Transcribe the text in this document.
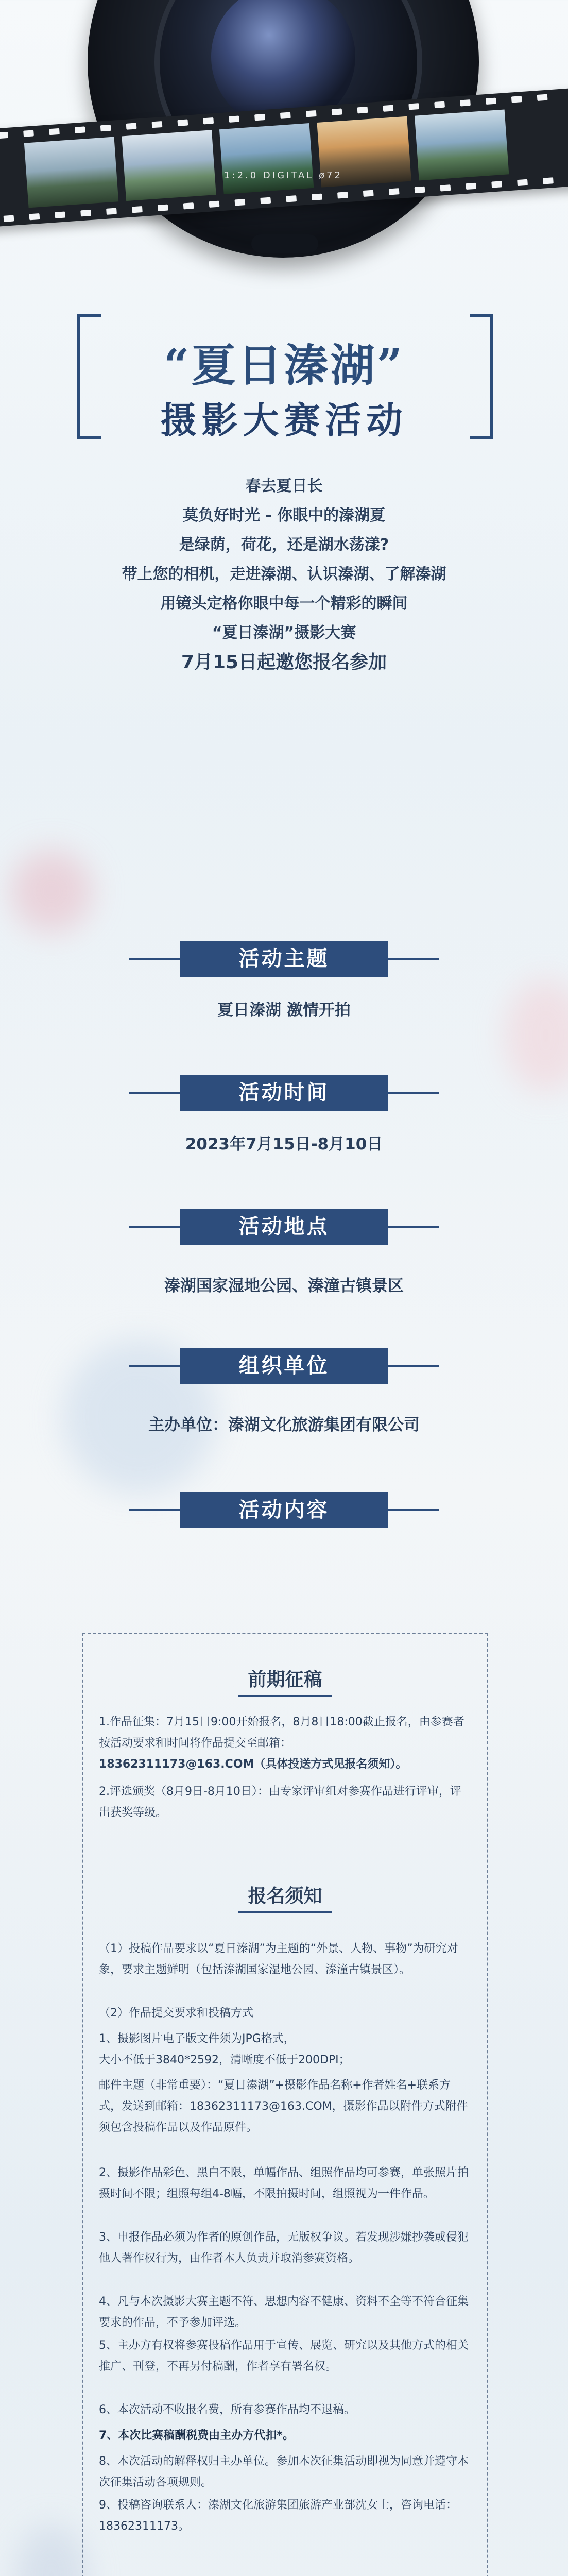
1:2.0 DIGITAL ø72
“夏日溱湖”
摄影大赛活动
春去夏日长
莫负好时光 - 你眼中的溱湖夏
是绿荫，荷花，还是湖水荡漾?
带上您的相机，走进溱湖、认识溱湖、了解溱湖
用镜头定格你眼中每一个精彩的瞬间
“夏日溱湖”摄影大赛
7月15日起邀您报名参加
活动主题
夏日溱湖 激情开拍
活动时间
2023年7月15日-8月10日
活动地点
溱湖国家湿地公园、溱潼古镇景区
组织单位
主办单位：溱湖文化旅游集团有限公司
活动内容
前期征稿
1.作品征集：7月15日9:00开始报名，8月8日18:00截止报名，由参赛者按活动要求和时间将作品提交至邮箱：
18362311173@163.COM（具体投送方式见报名须知）。
2.评选颁奖（8月9日-8月10日）：由专家评审组对参赛作品进行评审，评出获奖等级。
报名须知
（1）投稿作品要求以“夏日溱湖”为主题的“外景、人物、事物”为研究对象，要求主题鲜明（包括溱湖国家湿地公园、溱潼古镇景区）。
（2）作品提交要求和投稿方式
1、摄影图片电子版文件须为JPG格式，
大小不低于3840*2592，清晰度不低于200DPI；
邮件主题（非常重要）：“夏日溱湖”+摄影作品名称+作者姓名+联系方式，发送到邮箱：18362311173@163.COM，摄影作品以附件方式附件须包含投稿作品以及作品原件。
2、摄影作品彩色、黑白不限，单幅作品、组照作品均可参赛，单张照片拍摄时间不限；组照每组4-8幅，不限拍摄时间，组照视为一件作品。
3、申报作品必须为作者的原创作品，无版权争议。若发现涉嫌抄袭或侵犯他人著作权行为，由作者本人负责并取消参赛资格。
4、凡与本次摄影大赛主题不符、思想内容不健康、资料不全等不符合征集要求的作品，不予参加评选。
5、主办方有权将参赛投稿作品用于宣传、展览、研究以及其他方式的相关推广、刊登，不再另付稿酬，作者享有署名权。
6、本次活动不收报名费，所有参赛作品均不退稿。
7、本次比赛稿酬税费由主办方代扣*。
8、本次活动的解释权归主办单位。参加本次征集活动即视为同意并遵守本次征集活动各项规则。
9、投稿咨询联系人：溱湖文化旅游集团旅游产业部沈女士，咨询电话：18362311173。
